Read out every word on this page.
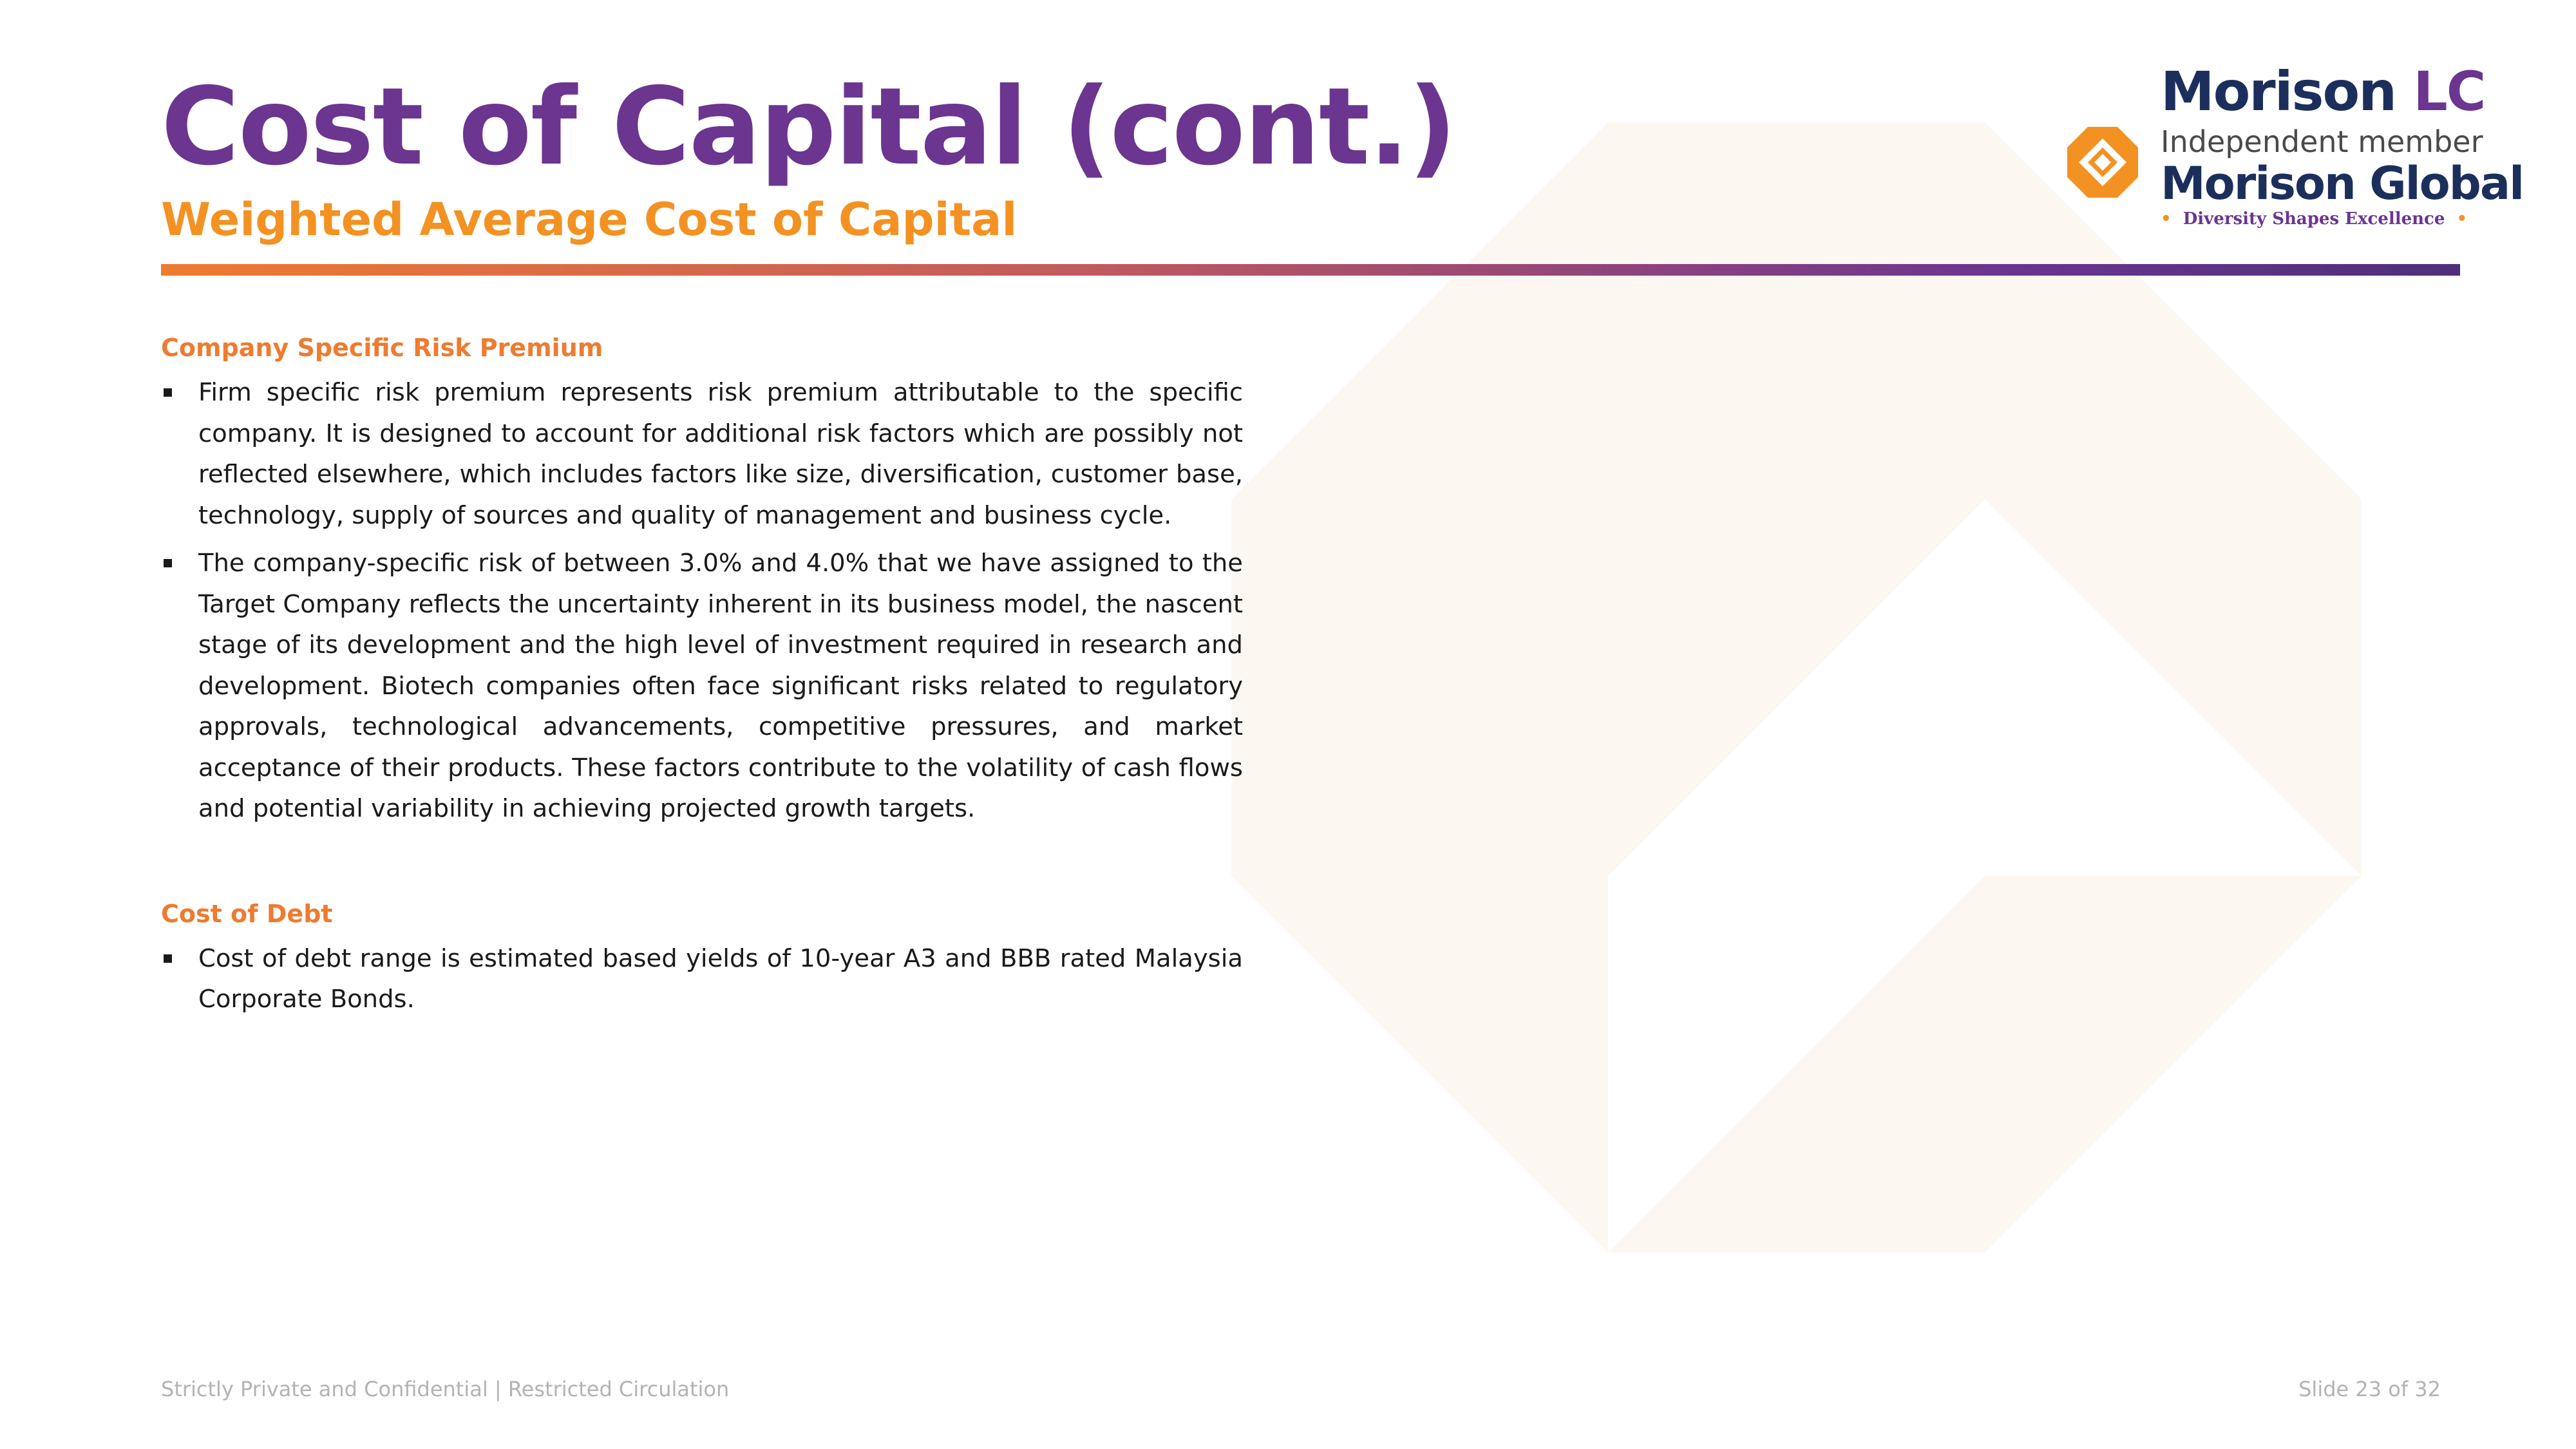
Cost of Capital (cont.)
Weighted Average Cost of Capital
Morison LC
Independent member
Morison Global
• Diversity Shapes Excellence •
Company Specific Risk Premium
Firm specific risk premium represents risk premium attributable to the specific company. It is designed to account for additional risk factors which are possibly not reflected elsewhere, which includes factors like size, diversification, customer base, technology, supply of sources and quality of management and business cycle.
The company-specific risk of between 3.0% and 4.0% that we have assigned to the Target Company reflects the uncertainty inherent in its business model, the nascent stage of its development and the high level of investment required in research and development. Biotech companies often face significant risks related to regulatory approvals, technological advancements, competitive pressures, and market acceptance of their products. These factors contribute to the volatility of cash flows and potential variability in achieving projected growth targets.
Cost of Debt
Cost of debt range is estimated based yields of 10-year A3 and BBB rated Malaysia Corporate Bonds.
Strictly Private and Confidential | Restricted Circulation	Slide 23 of 32
